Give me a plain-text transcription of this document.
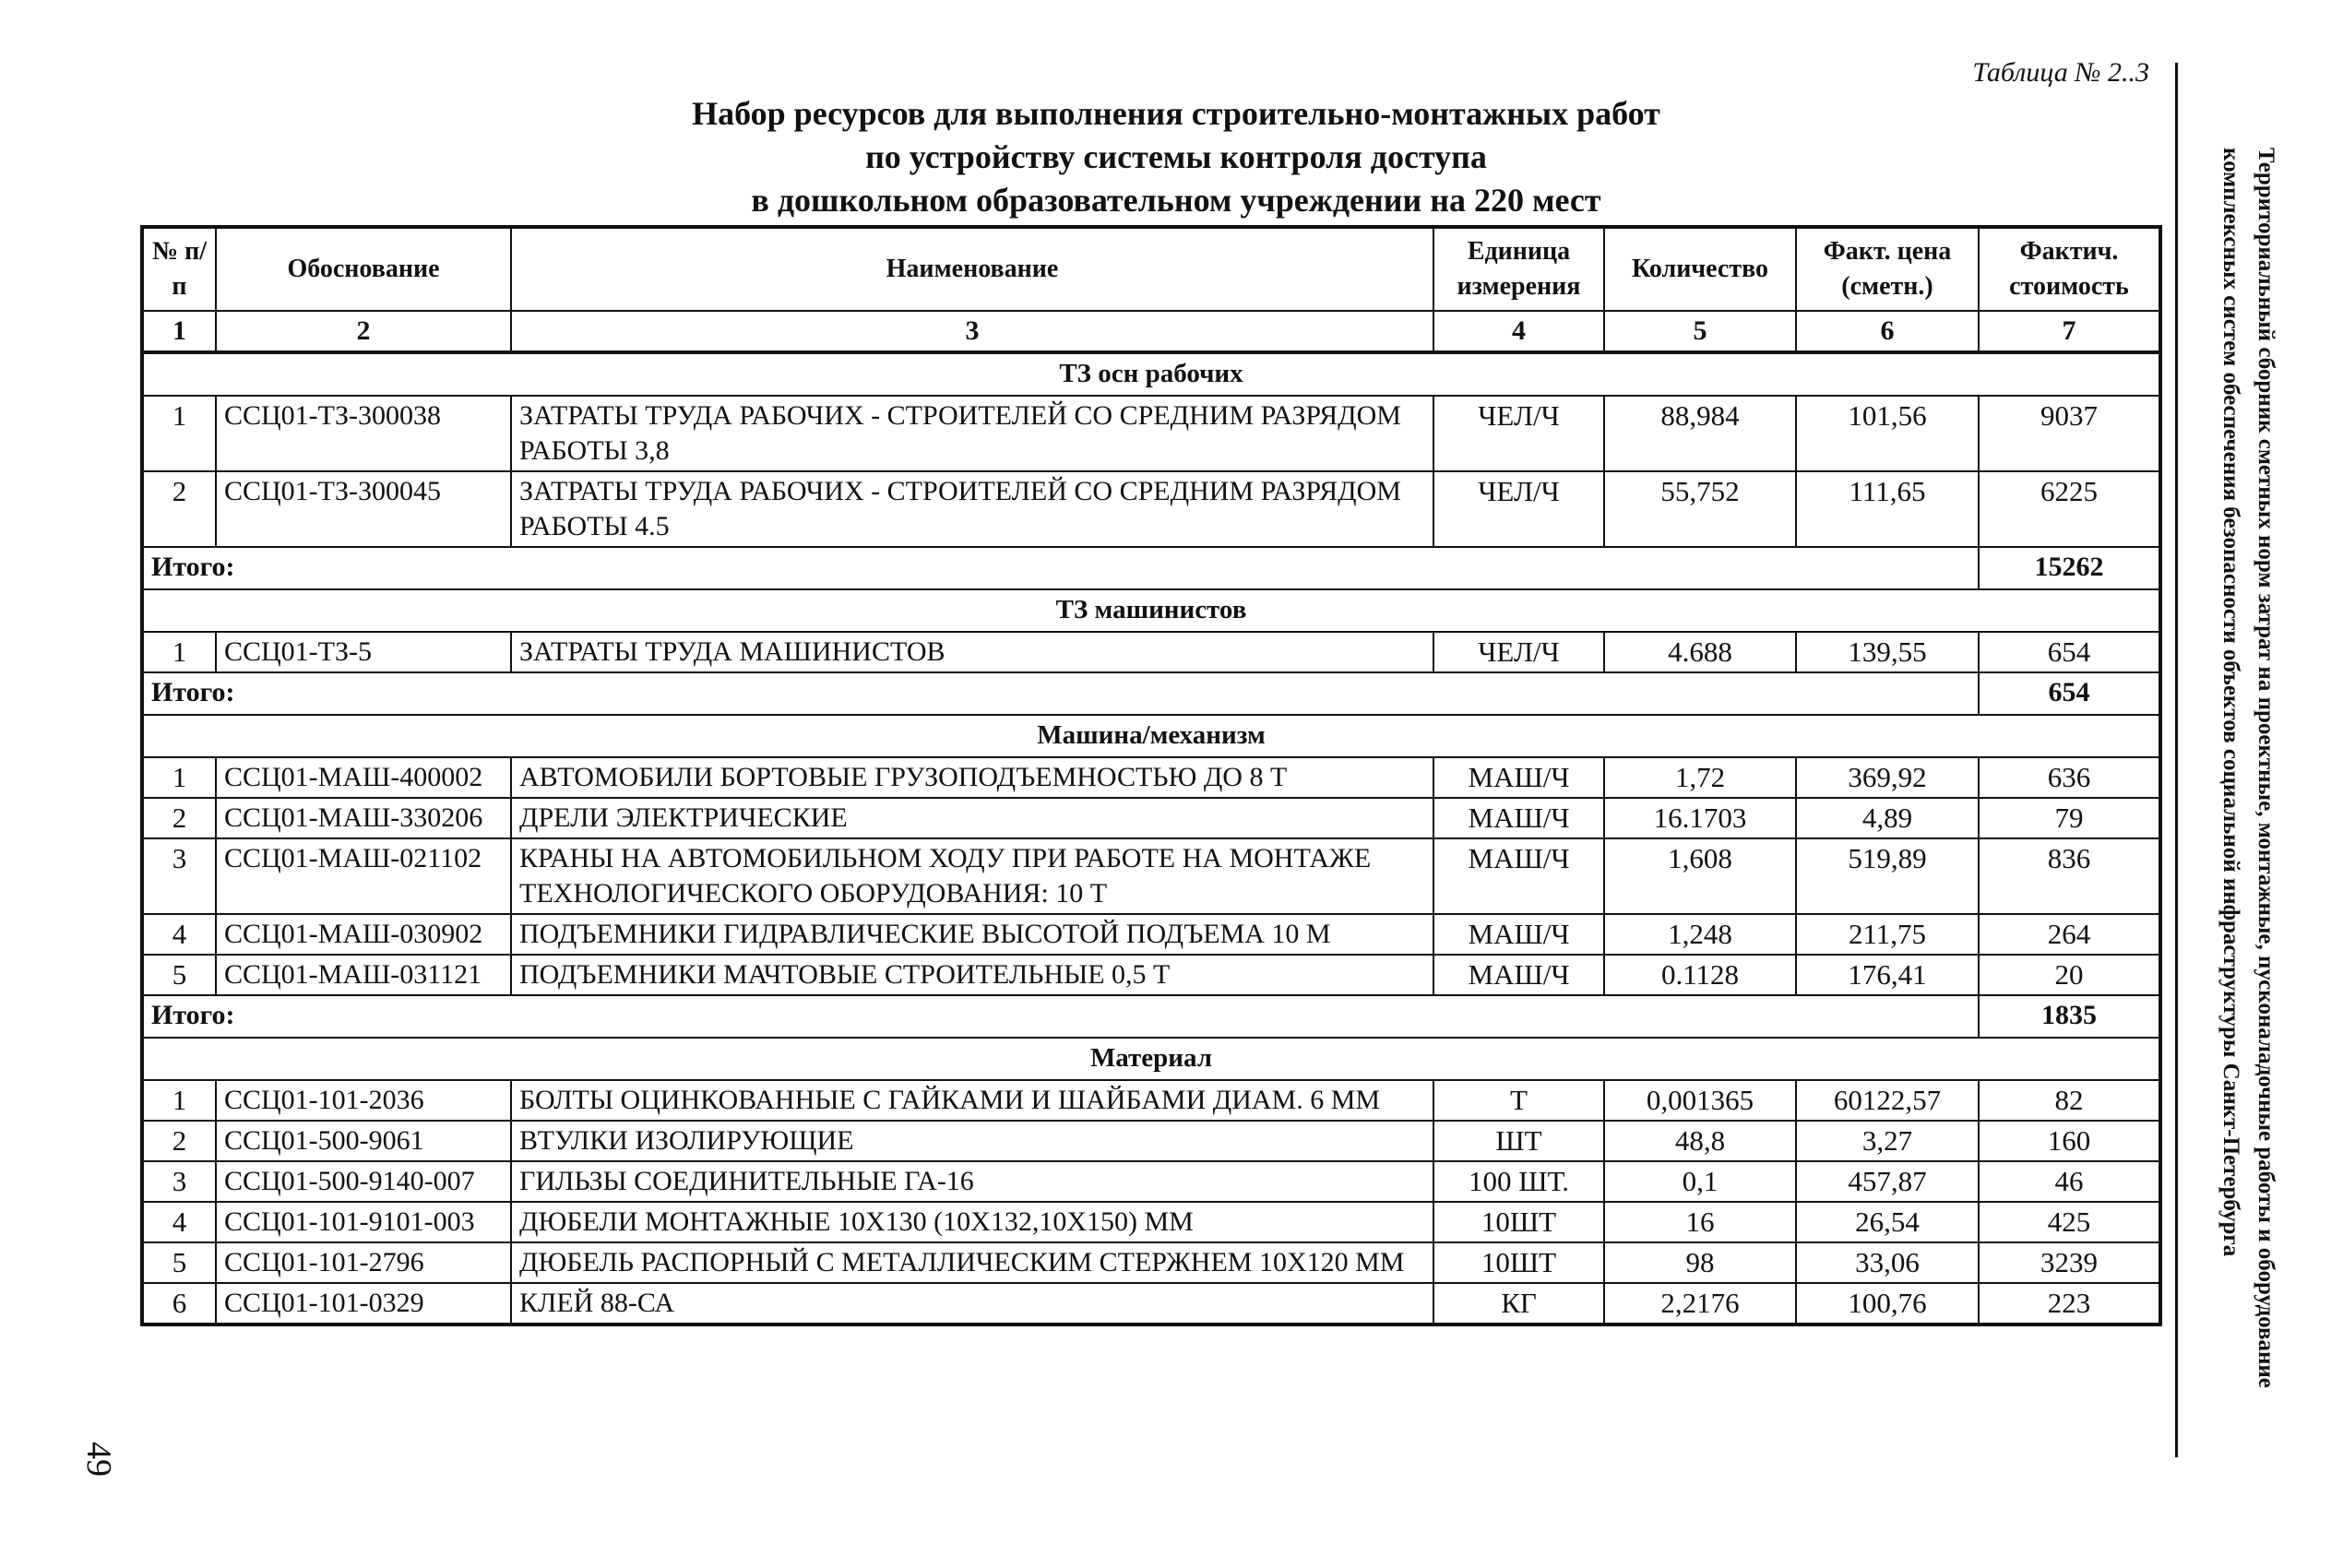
Таблица № 2..3
Набор ресурсов для выполнения строительно-монтажных работ
по устройству системы контроля доступа
в дошкольном образовательном учреждении на 220 мест	Территориальный сборник сметных норм затрат на проектные, монтажные, пусконаладочные работы и оборудование
комплексных систем обеспечения безопасности объектов социальной инфраструктуры Санкт-Петербурга
49
№ п/п	Обоснование	Наименование	Единица измерения	Количество	Факт. цена (сметн.)	Фактич. стоимость
1	2	3	4	5	6	7
ТЗ осн рабочих						
1	ССЦ01-ТЗ-300038	ЗАТРАТЫ ТРУДА РАБОЧИХ - СТРОИТЕЛЕЙ СО СРЕДНИМ РАЗРЯДОМ РАБОТЫ 3,8	ЧЕЛ/Ч	88,984	101,56	9037
2	ССЦ01-ТЗ-300045	ЗАТРАТЫ ТРУДА РАБОЧИХ - СТРОИТЕЛЕЙ СО СРЕДНИМ РАЗРЯДОМ РАБОТЫ 4.5	ЧЕЛ/Ч	55,752	111,65	6225
Итого:						15262
ТЗ машинистов						
1	ССЦ01-ТЗ-5	ЗАТРАТЫ ТРУДА МАШИНИСТОВ	ЧЕЛ/Ч	4.688	139,55	654
Итого:						654
Машина/механизм						
1	ССЦ01-МАШ-400002	АВТОМОБИЛИ БОРТОВЫЕ ГРУЗОПОДЪЕМНОСТЬЮ ДО 8 Т	МАШ/Ч	1,72	369,92	636
2	ССЦ01-МАШ-330206	ДРЕЛИ ЭЛЕКТРИЧЕСКИЕ	МАШ/Ч	16.1703	4,89	79
3	ССЦ01-МАШ-021102	КРАНЫ НА АВТОМОБИЛЬНОМ ХОДУ ПРИ РАБОТЕ НА МОНТАЖЕ ТЕХНОЛОГИЧЕСКОГО ОБОРУДОВАНИЯ: 10 Т	МАШ/Ч	1,608	519,89	836
4	ССЦ01-МАШ-030902	ПОДЪЕМНИКИ ГИДРАВЛИЧЕСКИЕ ВЫСОТОЙ ПОДЪЕМА 10 М	МАШ/Ч	1,248	211,75	264
5	ССЦ01-МАШ-031121	ПОДЪЕМНИКИ МАЧТОВЫЕ СТРОИТЕЛЬНЫЕ 0,5 Т	МАШ/Ч	0.1128	176,41	20
Итого:						1835
Материал						
1	ССЦ01-101-2036	БОЛТЫ ОЦИНКОВАННЫЕ С ГАЙКАМИ И ШАЙБАМИ ДИАМ. 6 ММ	Т	0,001365	60122,57	82
2	ССЦ01-500-9061	ВТУЛКИ ИЗОЛИРУЮЩИЕ	ШТ	48,8	3,27	160
3	ССЦ01-500-9140-007	ГИЛЬЗЫ СОЕДИНИТЕЛЬНЫЕ ГА-16	100 ШТ.	0,1	457,87	46
4	ССЦ01-101-9101-003	ДЮБЕЛИ МОНТАЖНЫЕ 10Х130 (10Х132,10Х150) ММ	10ШТ	16	26,54	425
5	ССЦ01-101-2796	ДЮБЕЛЬ РАСПОРНЫЙ С МЕТАЛЛИЧЕСКИМ СТЕРЖНЕМ 10Х120 ММ	10ШТ	98	33,06	3239
6	ССЦ01-101-0329	КЛЕЙ 88-СА	КГ	2,2176	100,76	223
